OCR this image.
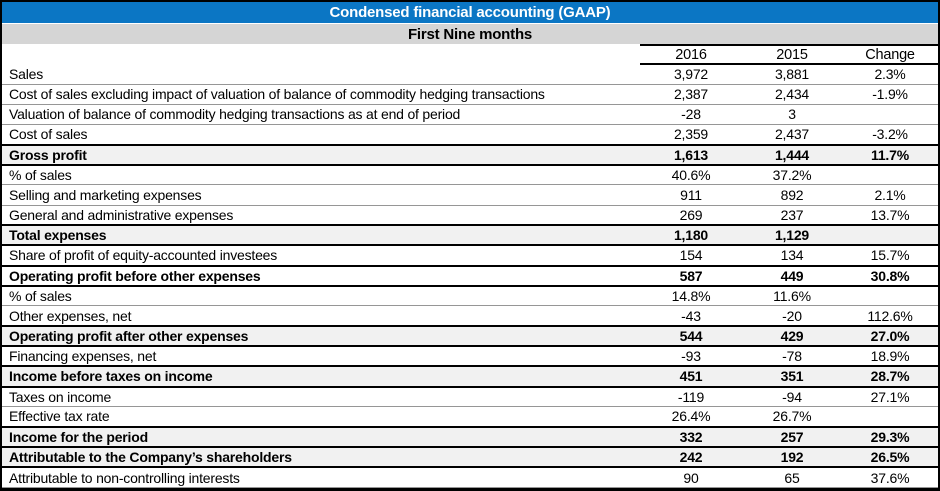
Condensed financial accounting (GAAP)
First Nine months
	2016	2015	Change
Sales	3,972	3,881	2.3%
Cost of sales excluding impact of valuation of balance of commodity hedging transactions	2,387	2,434	-1.9%
Valuation of balance of commodity hedging transactions as at end of period	-28	3	
Cost of sales	2,359	2,437	-3.2%
Gross profit	1,613	1,444	11.7%
% of sales	40.6%	37.2%	
Selling and marketing expenses	911	892	2.1%
General and administrative expenses	269	237	13.7%
Total expenses	1,180	1,129	
Share of profit of equity-accounted investees	154	134	15.7%
Operating profit before other expenses	587	449	30.8%
% of sales	14.8%	11.6%	
Other expenses, net	-43	-20	112.6%
Operating profit after other expenses	544	429	27.0%
Financing expenses, net	-93	-78	18.9%
Income before taxes on income	451	351	28.7%
Taxes on income	-119	-94	27.1%
Effective tax rate	26.4%	26.7%	
Income for the period	332	257	29.3%
Attributable to the Company’s shareholders	242	192	26.5%
Attributable to non-controlling interests	90	65	37.6%
